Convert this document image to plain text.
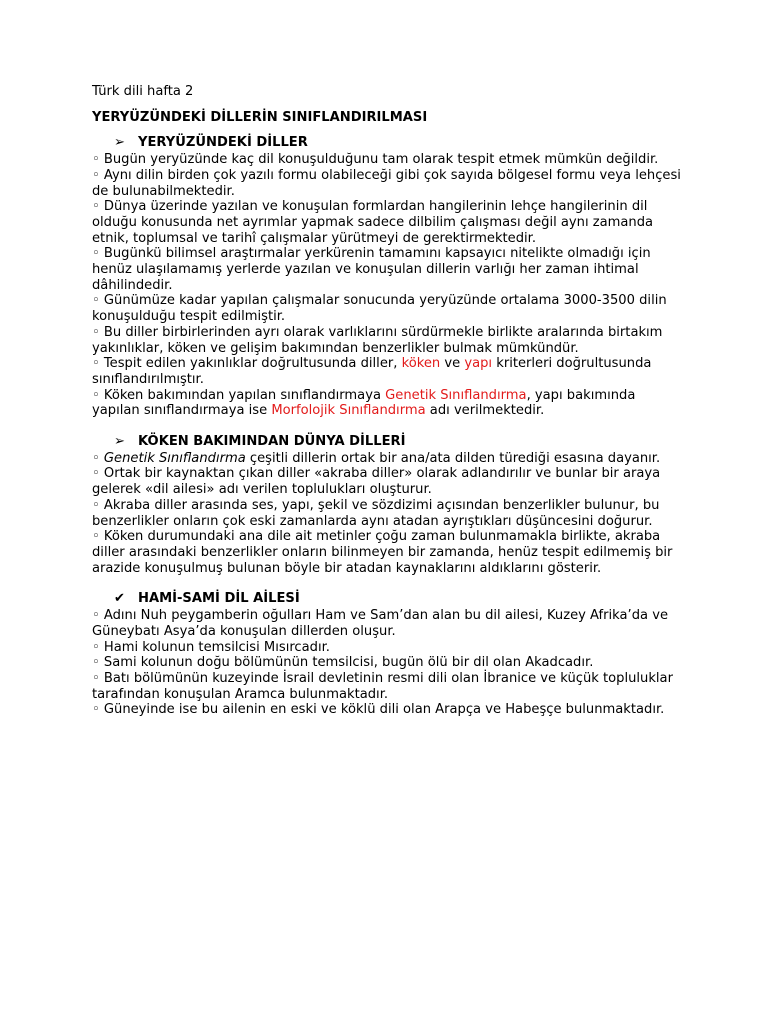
Türk dili hafta 2

YERYÜZÜNDEKİ DİLLERİN SINIFLANDIRILMASI

➢ YERYÜZÜNDEKİ DİLLER

◦ Bugün yeryüzünde kaç dil konuşulduğunu tam olarak tespit etmek mümkün değildir.

◦ Aynı dilin birden çok yazılı formu olabileceği gibi çok sayıda bölgesel formu veya lehçesi de bulunabilmektedir.

◦ Dünya üzerinde yazılan ve konuşulan formlardan hangilerinin lehçe hangilerinin dil olduğu konusunda net ayrımlar yapmak sadece dilbilim çalışması değil aynı zamanda etnik, toplumsal ve tarihî çalışmalar yürütmeyi de gerektirmektedir.

◦ Bugünkü bilimsel araştırmalar yerkürenin tamamını kapsayıcı nitelikte olmadığı için henüz ulaşılamamış yerlerde yazılan ve konuşulan dillerin varlığı her zaman ihtimal dâhilindedir.

◦ Günümüze kadar yapılan çalışmalar sonucunda yeryüzünde ortalama 3000-3500 dilin konuşulduğu tespit edilmiştir.

◦ Bu diller birbirlerinden ayrı olarak varlıklarını sürdürmekle birlikte aralarında birtakım yakınlıklar, köken ve gelişim bakımından benzerlikler bulmak mümkündür.

◦ Tespit edilen yakınlıklar doğrultusunda diller, köken ve yapı kriterleri doğrultusunda sınıflandırılmıştır.

◦ Köken bakımından yapılan sınıflandırmaya Genetik Sınıflandırma, yapı bakımında yapılan sınıflandırmaya ise Morfolojik Sınıflandırma adı verilmektedir.

➢ KÖKEN BAKIMINDAN DÜNYA DİLLERİ

◦ Genetik Sınıflandırma çeşitli dillerin ortak bir ana/ata dilden türediği esasına dayanır.

◦ Ortak bir kaynaktan çıkan diller «akraba diller» olarak adlandırılır ve bunlar bir araya gelerek «dil ailesi» adı verilen toplulukları oluşturur.

◦ Akraba diller arasında ses, yapı, şekil ve sözdizimi açısından benzerlikler bulunur, bu benzerlikler onların çok eski zamanlarda aynı atadan ayrıştıkları düşüncesini doğurur.

◦ Köken durumundaki ana dile ait metinler çoğu zaman bulunmamakla birlikte, akraba diller arasındaki benzerlikler onların bilinmeyen bir zamanda, henüz tespit edilmemiş bir arazide konuşulmuş bulunan böyle bir atadan kaynaklarını aldıklarını gösterir.

✔ HAMİ-SAMİ DİL AİLESİ

◦ Adını Nuh peygamberin oğulları Ham ve Sam’dan alan bu dil ailesi, Kuzey Afrika’da ve Güneybatı Asya’da konuşulan dillerden oluşur.

◦ Hami kolunun temsilcisi Mısırcadır.

◦ Sami kolunun doğu bölümünün temsilcisi, bugün ölü bir dil olan Akadcadır.

◦ Batı bölümünün kuzeyinde İsrail devletinin resmi dili olan İbranice ve küçük topluluklar tarafından konuşulan Aramca bulunmaktadır.

◦ Güneyinde ise bu ailenin en eski ve köklü dili olan Arapça ve Habeşçe bulunmaktadır.
